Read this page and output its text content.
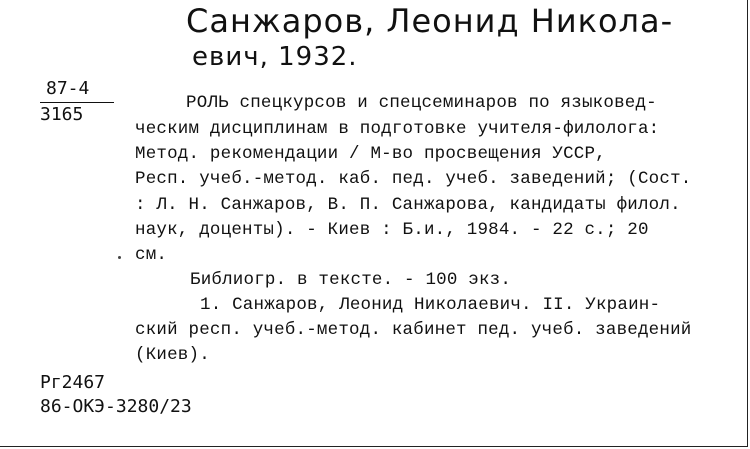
Санжаров, Леонид Никола-
евич, 1932.
87-4
3165
РОЛЬ спецкурсов и спецсеминаров по языковед-
ческим дисциплинам в подготовке учителя-филолога:
Метод. рекомендации / М-во просвещения УССР,
Респ. учеб.-метод. каб. пед. учеб. заведений; (Сост.
: Л. Н. Санжаров, В. П. Санжарова, кандидаты филол.
наук, доценты). - Киев : Б.и., 1984. - 22 с.; 20
см.
Библиогр. в тексте. - 100 экз.
1. Санжаров, Леонид Николаевич. II. Украин-
ский респ. учеб.-метод. кабинет пед. учеб. заведений
(Киев).
Рг2467
86-ОКЭ-3280/23
